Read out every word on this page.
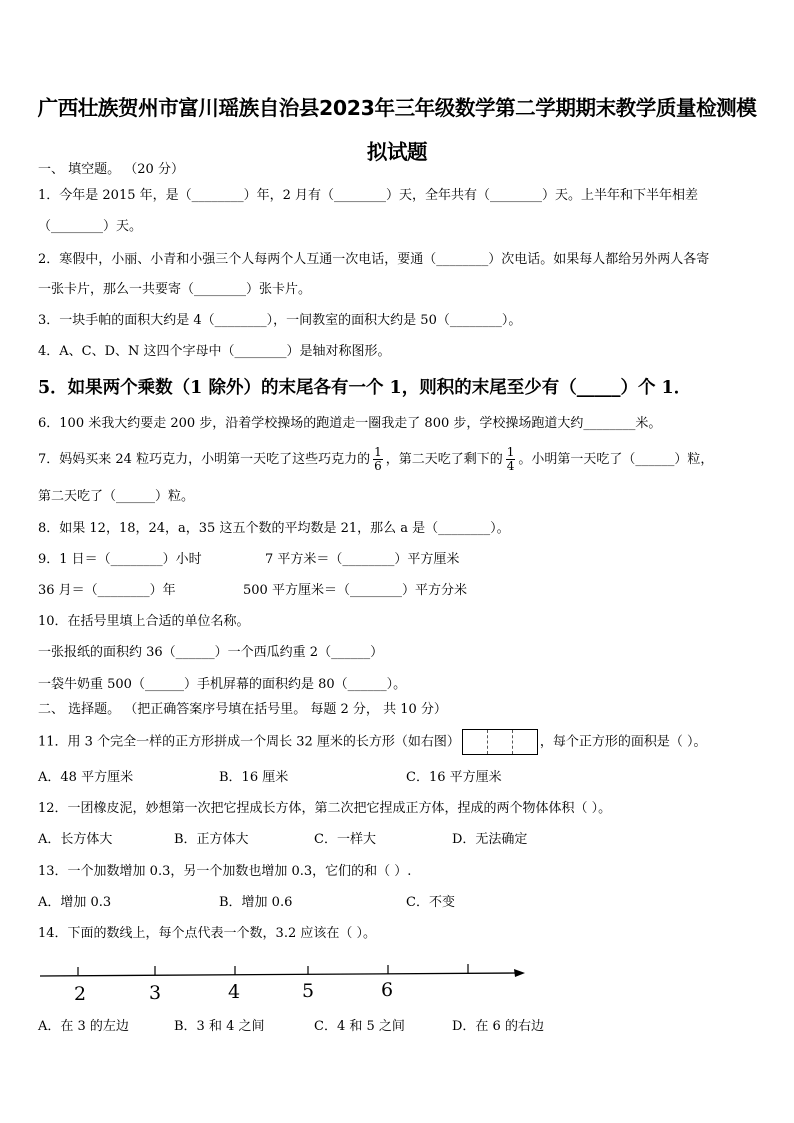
广西壮族贺州市富川瑶族自治县2023年三年级数学第二学期期末教学质量检测模拟试题
一、 填空题。 （20 分）
1．今年是 2015 年，是（________）年，2 月有（________）天，全年共有（________）天。上半年和下半年相差
（________）天。
2．寒假中，小丽、小青和小强三个人每两个人互通一次电话，要通（________）次电话。如果每人都给另外两人各寄
一张卡片，那么一共要寄（________）张卡片。
3．一块手帕的面积大约是 4（________），一间教室的面积大约是 50（________）。
4．A、C、D、N 这四个字母中（________）是轴对称图形。
5．如果两个乘数（1 除外）的末尾各有一个 1，则积的末尾至少有（_____）个 1．
6．100 米我大约要走 200 步，沿着学校操场的跑道走一圈我走了 800 步，学校操场跑道大约________米。
7．妈妈买来 24 粒巧克力，小明第一天吃了这些巧克力的 $\frac{1}{6}$ ，第二天吃了剩下的 $\frac{1}{4}$ 。小明第一天吃了（______）粒，
第二天吃了（______）粒。
8．如果 12，18，24，a，35 这五个数的平均数是 21，那么 a 是（________）。
9．1 日＝（________）小时	7 平方米＝（________）平方厘米
36 月＝（________）年	500 平方厘米＝（________）平方分米
10．在括号里填上合适的单位名称。
一张报纸的面积约 36（______）一个西瓜约重 2（______）
一袋牛奶重 500（______）手机屏幕的面积约是 80（______）。
二、 选择题。 （把正确答案序号填在括号里。 每题 2 分， 共 10 分）
11．用 3 个完全一样的正方形拼成一个周长 32 厘米的长方形（如右图）	，每个正方形的面积是（ ）。
A．48 平方厘米	B．16 厘米	C．16 平方厘米
12．一团橡皮泥，妙想第一次把它捏成长方体，第二次把它捏成正方体，捏成的两个物体体积（ ）。
A．长方体大	B．正方体大	C．一样大	D．无法确定
13．一个加数增加 0.3，另一个加数也增加 0.3，它们的和（ ）.
A．增加 0.3	B．增加 0.6	C．不变
14．下面的数线上，每个点代表一个数，3.2 应该在（ ）。
2	3	4	5	6
A．在 3 的左边	B．3 和 4 之间	C．4 和 5 之间	D．在 6 的右边
